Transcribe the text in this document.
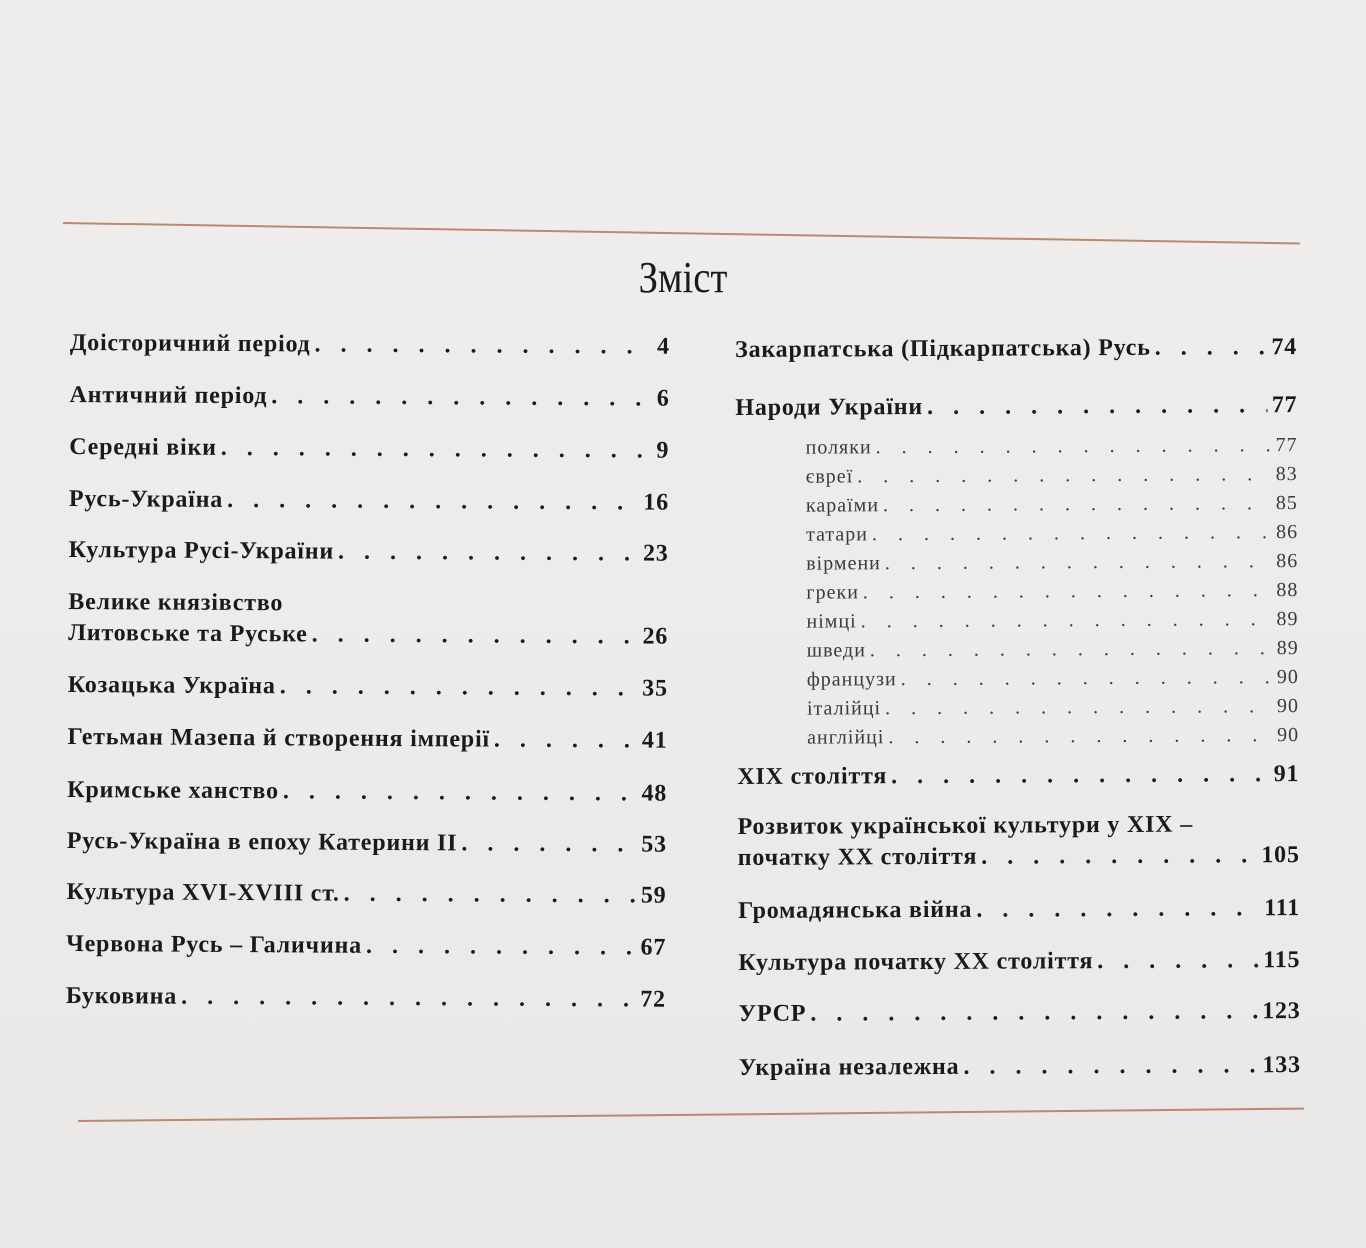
Зміст
Доісторичний період . . .	4
Античний період . . .	6
Середні віки . . .	9
Русь-Україна . . .	16
Культура Русі-України . . .	23
Велике князівство
Литовське та Руське . . .	26
Козацька Україна . . .	35
Гетьман Мазепа й створення імперії . . .	41
Кримське ханство . . .	48
Русь-Україна в епоху Катерини ІІ . . .	53
Культура XVI-XVIII ст. . . .	59
Червона Русь – Галичина . . .	67
Буковина . . .	72
Закарпатська (Підкарпатська) Русь . . .	74
Народи України . . .	77
поляки . . .	77
євреї . . .	83
караїми . . .	85
татари . . .	86
вірмени . . .	86
греки . . .	88
німці . . .	89
шведи . . .	89
французи . . .	90
італійці . . .	90
англійці . . .	90
XIX століття . . .	91
Розвиток української культури у XIX –
початку XX століття . . .	105
Громадянська війна . . .	111
Культура початку XX століття . . .	115
УРСР . . .	123
Україна незалежна . . .	133
